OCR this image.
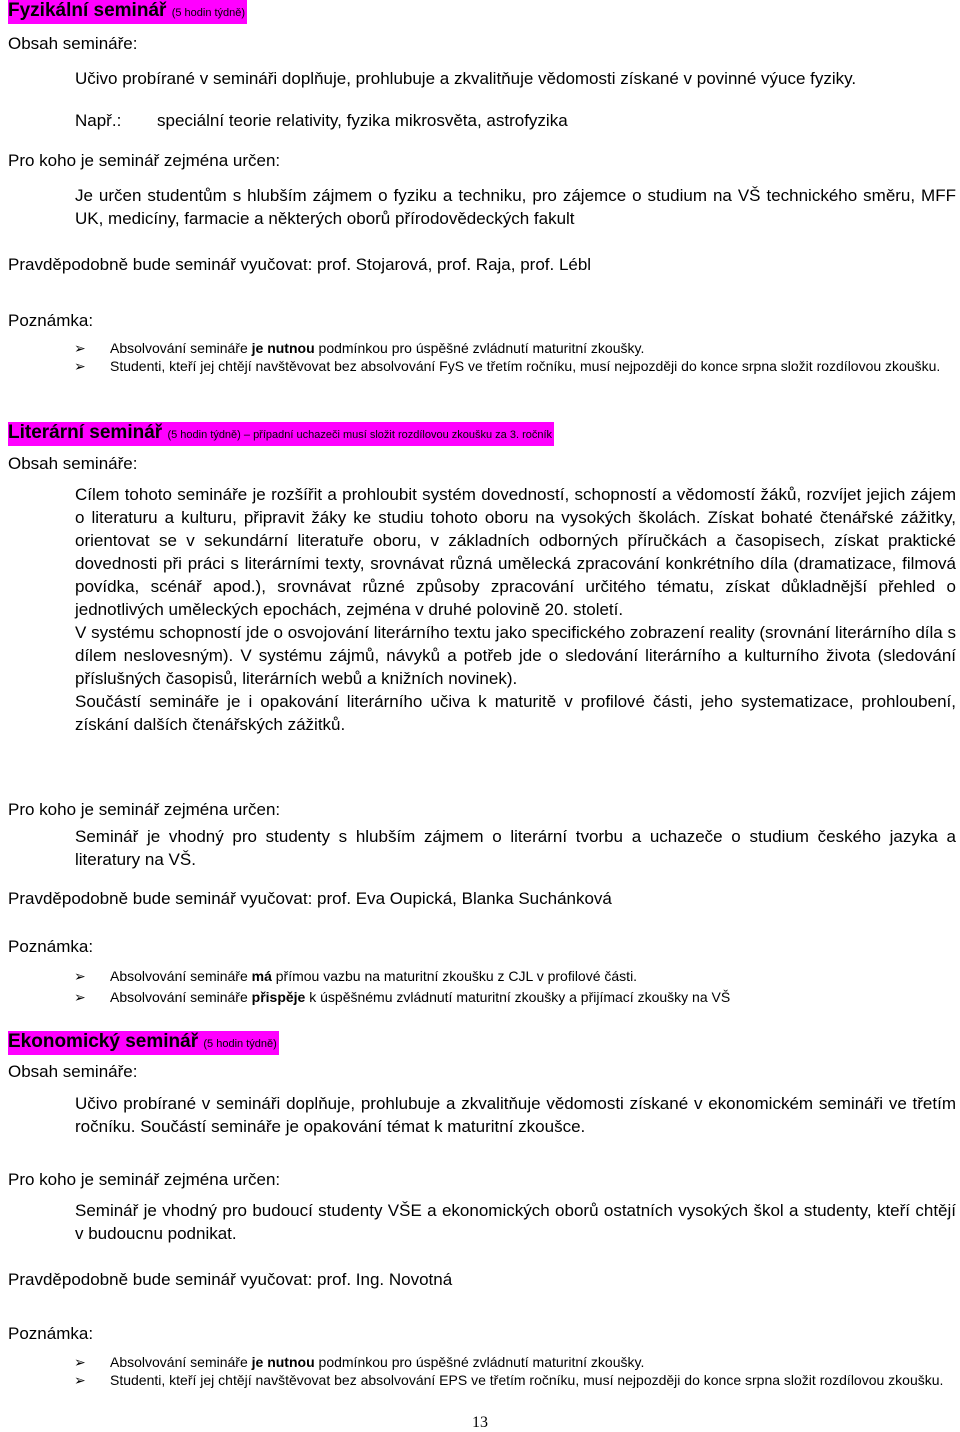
Fyzikální seminář (5 hodin týdně)
Obsah semináře:
Učivo probírané v semináři doplňuje, prohlubuje a zkvalitňuje vědomosti získané v povinné výuce fyziky.
Např.: speciální teorie relativity, fyzika mikrosvěta, astrofyzika
Pro koho je seminář zejména určen:
Je určen studentům s hlubším zájmem o fyziku a techniku, pro zájemce o studium na VŠ technického směru, MFF UK, medicíny, farmacie a některých oborů přírodovědeckých fakult
Pravděpodobně bude seminář vyučovat: prof. Stojarová, prof. Raja, prof. Lébl
Poznámka:
➢	Absolvování semináře je nutnou podmínkou pro úspěšné zvládnutí maturitní zkoušky.
➢	Studenti, kteří jej chtějí navštěvovat bez absolvování FyS ve třetím ročníku, musí nejpozději do konce srpna složit rozdílovou zkoušku.
Literární seminář (5 hodin týdně) – případní uchazeči musí složit rozdílovou zkoušku za 3. ročník
Obsah semináře:
Cílem tohoto semináře je rozšířit a prohloubit systém dovedností, schopností a vědomostí žáků, rozvíjet jejich zájem o literaturu a kulturu, připravit žáky ke studiu tohoto oboru na vysokých školách. Získat bohaté čtenářské zážitky, orientovat se v sekundární literatuře oboru, v základních odborných příručkách a časopisech, získat praktické dovednosti při práci s literárními texty, srovnávat různá umělecká zpracování konkrétního díla (dramatizace, filmová povídka, scénář apod.), srovnávat různé způsoby zpracování určitého tématu, získat důkladnější přehled o jednotlivých uměleckých epochách, zejména v druhé polovině 20. století.
V systému schopností jde o osvojování literárního textu jako specifického zobrazení reality (srovnání literárního díla s dílem neslovesným). V systému zájmů, návyků a potřeb jde o sledování literárního a kulturního života (sledování příslušných časopisů, literárních webů a knižních novinek).
Součástí semináře je i opakování literárního učiva k maturitě v profilové části, jeho systematizace, prohloubení, získání dalších čtenářských zážitků.
Pro koho je seminář zejména určen:
Seminář je vhodný pro studenty s hlubším zájmem o literární tvorbu a uchazeče o studium českého jazyka a literatury na VŠ.
Pravděpodobně bude seminář vyučovat: prof. Eva Oupická, Blanka Suchánková
Poznámka:
➢	Absolvování semináře má přímou vazbu na maturitní zkoušku z CJL v profilové části.
➢	Absolvování semináře přispěje k úspěšnému zvládnutí maturitní zkoušky a přijímací zkoušky na VŠ
Ekonomický seminář (5 hodin týdně)
Obsah semináře:
Učivo probírané v semináři doplňuje, prohlubuje a zkvalitňuje vědomosti získané v ekonomickém semináři ve třetím ročníku. Součástí semináře je opakování témat k maturitní zkoušce.
Pro koho je seminář zejména určen:
Seminář je vhodný pro budoucí studenty VŠE a ekonomických oborů ostatních vysokých škol a studenty, kteří chtějí v budoucnu podnikat.
Pravděpodobně bude seminář vyučovat: prof. Ing. Novotná
Poznámka:
➢	Absolvování semináře je nutnou podmínkou pro úspěšné zvládnutí maturitní zkoušky.
➢	Studenti, kteří jej chtějí navštěvovat bez absolvování EPS ve třetím ročníku, musí nejpozději do konce srpna složit rozdílovou zkoušku.
13
